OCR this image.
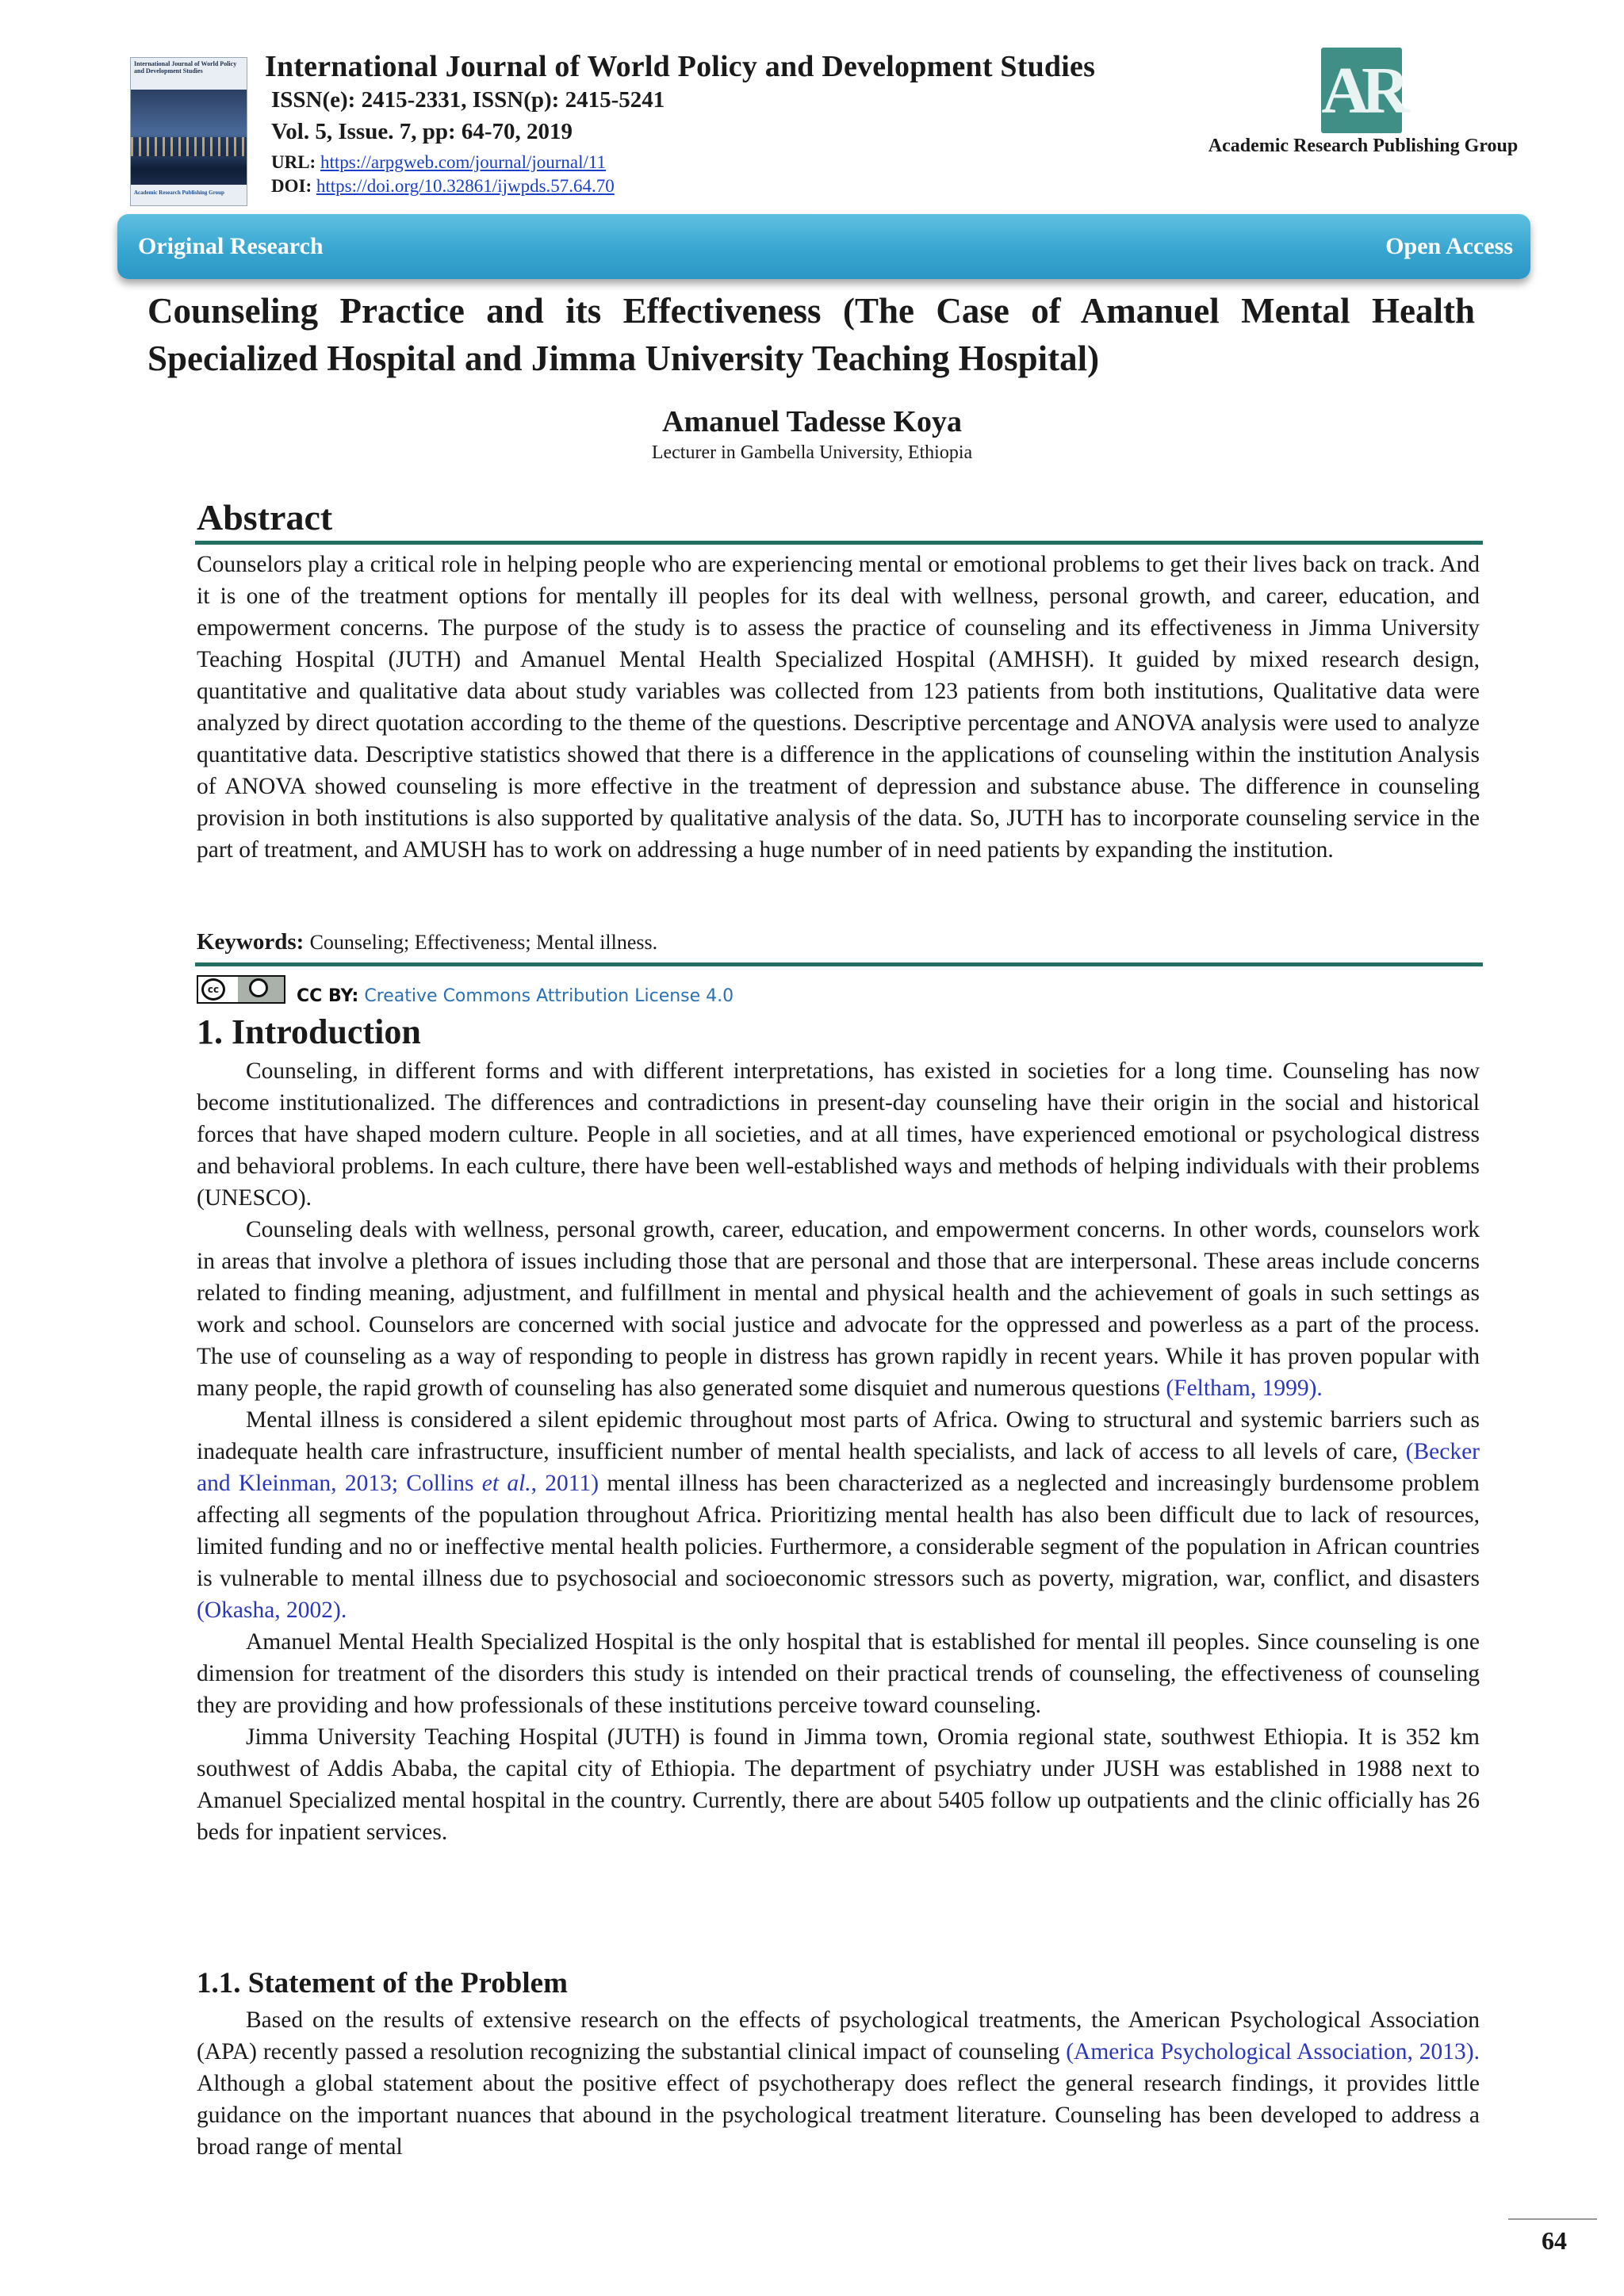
International Journal of World Policy and Development Studies
Academic Research Publishing Group
International Journal of World Policy and Development Studies
ISSN(e): 2415-2331, ISSN(p): 2415-5241
Vol. 5, Issue. 7, pp: 64-70, 2019
URL: https://arpgweb.com/journal/journal/11
DOI: https://doi.org/10.32861/ijwpds.57.64.70
AR
Academic Research Publishing Group
Original Research	Open Access
Counseling Practice and its Effectiveness (The Case of Amanuel Mental Health Specialized Hospital and Jimma University Teaching Hospital)
Amanuel Tadesse Koya
Lecturer in Gambella University, Ethiopia
Abstract

Counselors play a critical role in helping people who are experiencing mental or emotional problems to get their lives back on track. And it is one of the treatment options for mentally ill peoples for its deal with wellness, personal growth, and career, education, and empowerment concerns. The purpose of the study is to assess the practice of counseling and its effectiveness in Jimma University Teaching Hospital (JUTH) and Amanuel Mental Health Specialized Hospital (AMHSH). It guided by mixed research design, quantitative and qualitative data about study variables was collected from 123 patients from both institutions, Qualitative data were analyzed by direct quotation according to the theme of the questions. Descriptive percentage and ANOVA analysis were used to analyze quantitative data. Descriptive statistics showed that there is a difference in the applications of counseling within the institution Analysis of ANOVA showed counseling is more effective in the treatment of depression and substance abuse. The difference in counseling provision in both institutions is also supported by qualitative analysis of the data. So, JUTH has to incorporate counseling service in the part of treatment, and AMUSH has to work on addressing a huge number of in need patients by expanding the institution.

Keywords: Counseling; Effectiveness; Mental illness.
cc	CC BY: Creative Commons Attribution License 4.0
1. Introduction

Counseling, in different forms and with different interpretations, has existed in societies for a long time. Counseling has now become institutionalized. The differences and contradictions in present-day counseling have their origin in the social and historical forces that have shaped modern culture. People in all societies, and at all times, have experienced emotional or psychological distress and behavioral problems. In each culture, there have been well-established ways and methods of helping individuals with their problems (UNESCO).

Counseling deals with wellness, personal growth, career, education, and empowerment concerns. In other words, counselors work in areas that involve a plethora of issues including those that are personal and those that are interpersonal. These areas include concerns related to finding meaning, adjustment, and fulfillment in mental and physical health and the achievement of goals in such settings as work and school. Counselors are concerned with social justice and advocate for the oppressed and powerless as a part of the process. The use of counseling as a way of responding to people in distress has grown rapidly in recent years. While it has proven popular with many people, the rapid growth of counseling has also generated some disquiet and numerous questions (Feltham, 1999).

Mental illness is considered a silent epidemic throughout most parts of Africa. Owing to structural and systemic barriers such as inadequate health care infrastructure, insufficient number of mental health specialists, and lack of access to all levels of care, (Becker and Kleinman, 2013; Collins et al., 2011) mental illness has been characterized as a neglected and increasingly burdensome problem affecting all segments of the population throughout Africa. Prioritizing mental health has also been difficult due to lack of resources, limited funding and no or ineffective mental health policies. Furthermore, a considerable segment of the population in African countries is vulnerable to mental illness due to psychosocial and socioeconomic stressors such as poverty, migration, war, conflict, and disasters (Okasha, 2002).

Amanuel Mental Health Specialized Hospital is the only hospital that is established for mental ill peoples. Since counseling is one dimension for treatment of the disorders this study is intended on their practical trends of counseling, the effectiveness of counseling they are providing and how professionals of these institutions perceive toward counseling.

Jimma University Teaching Hospital (JUTH) is found in Jimma town, Oromia regional state, southwest Ethiopia. It is 352 km southwest of Addis Ababa, the capital city of Ethiopia. The department of psychiatry under JUSH was established in 1988 next to Amanuel Specialized mental hospital in the country. Currently, there are about 5405 follow up outpatients and the clinic officially has 26 beds for inpatient services.

1.1. Statement of the Problem

Based on the results of extensive research on the effects of psychological treatments, the American Psychological Association (APA) recently passed a resolution recognizing the substantial clinical impact of counseling (America Psychological Association, 2013). Although a global statement about the positive effect of psychotherapy does reflect the general research findings, it provides little guidance on the important nuances that abound in the psychological treatment literature. Counseling has been developed to address a broad range of mental

64
